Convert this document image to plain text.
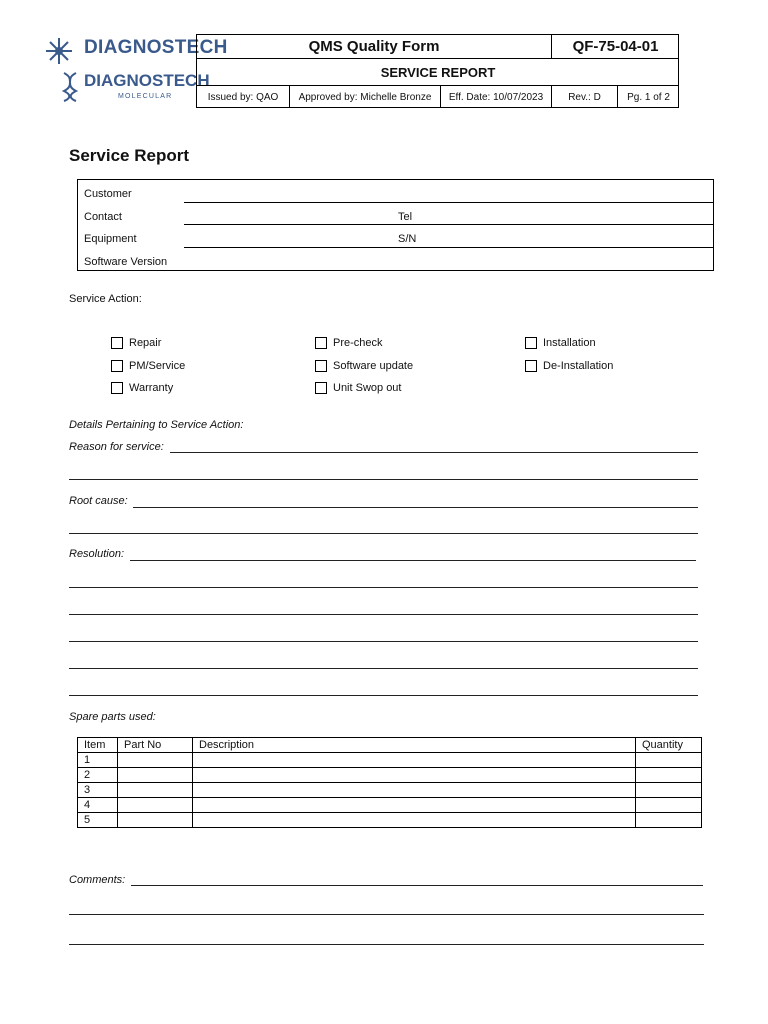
DIAGNOSTECH
DIAGNOSTECH
MOLECULAR
QMS Quality Form	QF-75-04-01
SERVICE REPORT
Issued by: QAO	Approved by: Michelle Bronze	Eff. Date: 10/07/2023	Rev.: D	Pg. 1 of 2
Service Report
Customer
Contact	Tel
Equipment	S/N
Software Version
Service Action:
Repair	Pre-check	Installation
PM/Service	Software update	De-Installation
Warranty	Unit Swop out
Details Pertaining to Service Action:
Reason for service:
Root cause:
Resolution:
Spare parts used:
Item	Part No	Description	Quantity
1			
2			
3			
4			
5			
Comments:
